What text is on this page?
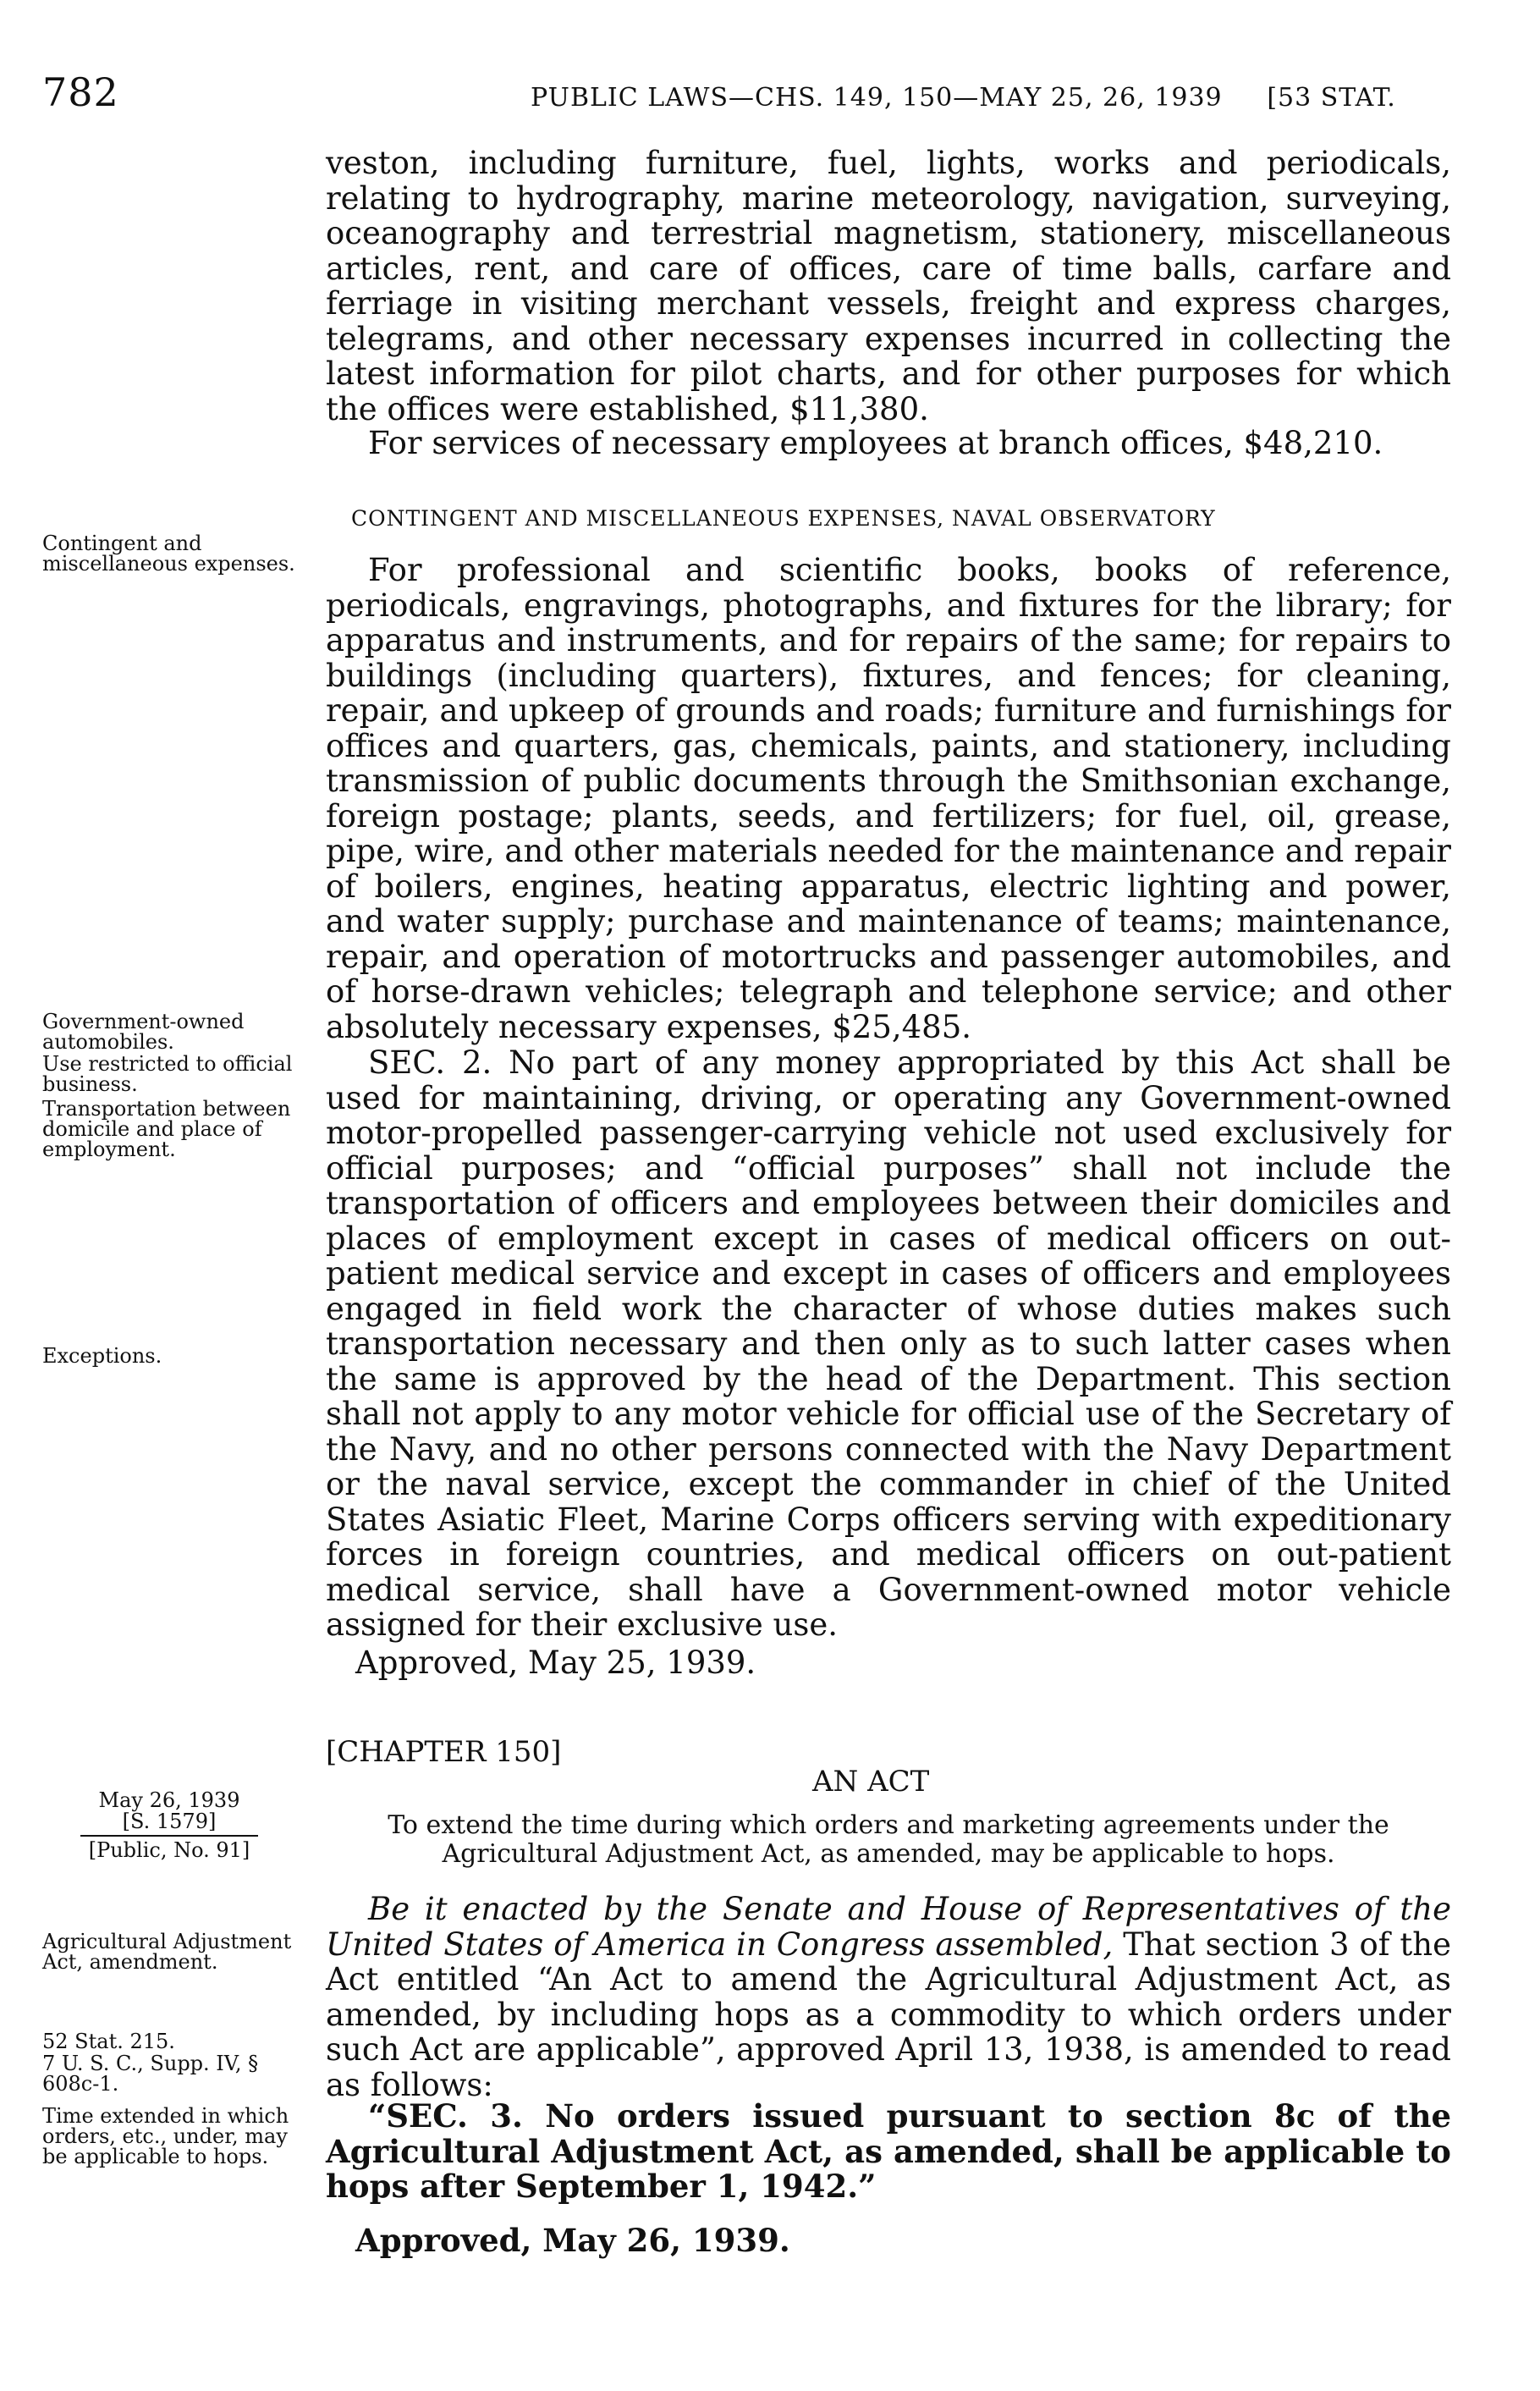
782	PUBLIC LAWS—CHS. 149, 150—MAY 25, 26, 1939 [53 STAT.

veston, including furniture, fuel, lights, works and periodicals, relating to hydrography, marine meteorology, navigation, surveying, oceanography and terrestrial magnetism, stationery, miscellaneous articles, rent, and care of offices, care of time balls, carfare and ferriage in visiting merchant vessels, freight and express charges, telegrams, and other necessary expenses incurred in collecting the latest information for pilot charts, and for other purposes for which the offices were established, $11,380.

For services of necessary employees at branch offices, $48,210.

CONTINGENT AND MISCELLANEOUS EXPENSES, NAVAL OBSERVATORY

For professional and scientific books, books of reference, periodicals, engravings, photographs, and fixtures for the library; for apparatus and instruments, and for repairs of the same; for repairs to buildings (including quarters), fixtures, and fences; for cleaning, repair, and upkeep of grounds and roads; furniture and furnishings for offices and quarters, gas, chemicals, paints, and stationery, including transmission of public documents through the Smithsonian exchange, foreign postage; plants, seeds, and fertilizers; for fuel, oil, grease, pipe, wire, and other materials needed for the maintenance and repair of boilers, engines, heating apparatus, electric lighting and power, and water supply; purchase and maintenance of teams; maintenance, repair, and operation of motortrucks and passenger automobiles, and of horse-drawn vehicles; telegraph and telephone service; and other absolutely necessary expenses, $25,485.

SEC. 2. No part of any money appropriated by this Act shall be used for maintaining, driving, or operating any Government-owned motor-propelled passenger-carrying vehicle not used exclusively for official purposes; and “official purposes” shall not include the transportation of officers and employees between their domiciles and places of employment except in cases of medical officers on out-patient medical service and except in cases of officers and employees engaged in field work the character of whose duties makes such transportation necessary and then only as to such latter cases when the same is approved by the head of the Department. This section shall not apply to any motor vehicle for official use of the Secretary of the Navy, and no other persons connected with the Navy Department or the naval service, except the commander in chief of the United States Asiatic Fleet, Marine Corps officers serving with expeditionary forces in foreign countries, and medical officers on out-patient medical service, shall have a Government-owned motor vehicle assigned for their exclusive use.

Approved, May 25, 1939.
[CHAPTER 150]
AN ACT
To extend the time during which orders and marketing agreements under the
Agricultural Adjustment Act, as amended, may be applicable to hops.

Be it enacted by the Senate and House of Representatives of the United States of America in Congress assembled, That section 3 of the Act entitled “An Act to amend the Agricultural Adjustment Act, as amended, by including hops as a commodity to which orders under such Act are applicable”, approved April 13, 1938, is amended to read as follows:

“SEC. 3. No orders issued pursuant to section 8c of the Agricultural Adjustment Act, as amended, shall be applicable to hops after September 1, 1942.”

Approved, May 26, 1939.

Contingent and miscellaneous expenses.

Government-owned automobiles.

Use restricted to official business.

Transportation between domicile and place of employment.

Exceptions.

May 26, 1939

[S. 1579]

[Public, No. 91]

Agricultural Adjustment Act, amendment.

52 Stat. 215.

7 U. S. C., Supp. IV, § 608c-1.

Time extended in which orders, etc., under, may be applicable to hops.
